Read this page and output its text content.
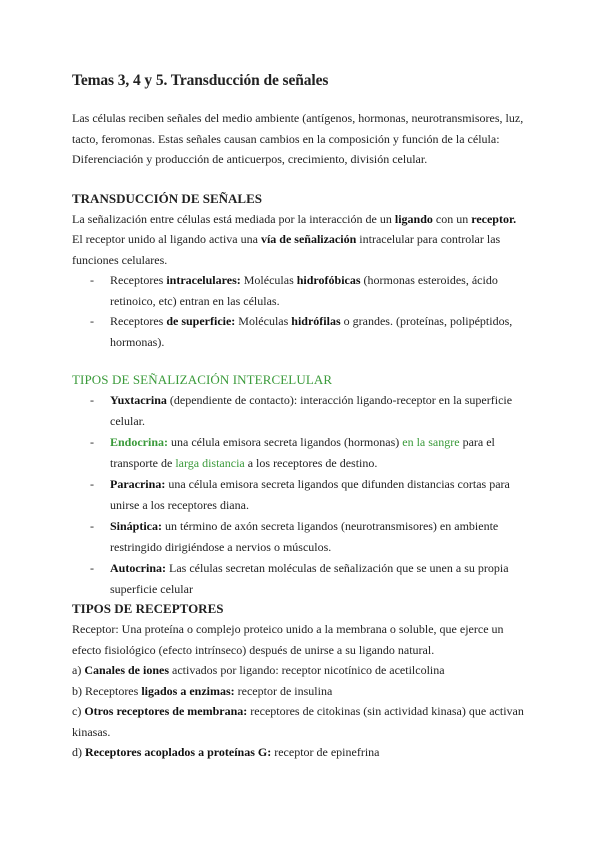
Temas 3, 4 y 5. Transducción de señales

Las células reciben señales del medio ambiente (antígenos, hormonas, neurotransmisores, luz, tacto, feromonas. Estas señales causan cambios en la composición y función de la célula: Diferenciación y producción de anticuerpos, crecimiento, división celular.

TRANSDUCCIÓN DE SEÑALES

La señalización entre células está mediada por la interacción de un ligando con un receptor. El receptor unido al ligando activa una vía de señalización intracelular para controlar las funciones celulares.

- Receptores intracelulares: Moléculas hidrofóbicas (hormonas esteroides, ácido retinoico, etc) entran en las células.
- Receptores de superficie: Moléculas hidrófilas o grandes. (proteínas, polipéptidos, hormonas).
TIPOS DE SEÑALIZACIÓN INTERCELULAR
- Yuxtacrina (dependiente de contacto): interacción ligando-receptor en la superficie celular.
- Endocrina: una célula emisora secreta ligandos (hormonas) en la sangre para el transporte de larga distancia a los receptores de destino.
- Paracrina: una célula emisora secreta ligandos que difunden distancias cortas para unirse a los receptores diana.
- Sináptica: un término de axón secreta ligandos (neurotransmisores) en ambiente restringido dirigiéndose a nervios o músculos.
- Autocrina: Las células secretan moléculas de señalización que se unen a su propia superficie celular
TIPOS DE RECEPTORES

Receptor: Una proteína o complejo proteico unido a la membrana o soluble, que ejerce un efecto fisiológico (efecto intrínseco) después de unirse a su ligando natural.

a) Canales de iones activados por ligando: receptor nicotínico de acetilcolina

b) Receptores ligados a enzimas: receptor de insulina

c) Otros receptores de membrana: receptores de citokinas (sin actividad kinasa) que activan kinasas.

d) Receptores acoplados a proteínas G: receptor de epinefrina
